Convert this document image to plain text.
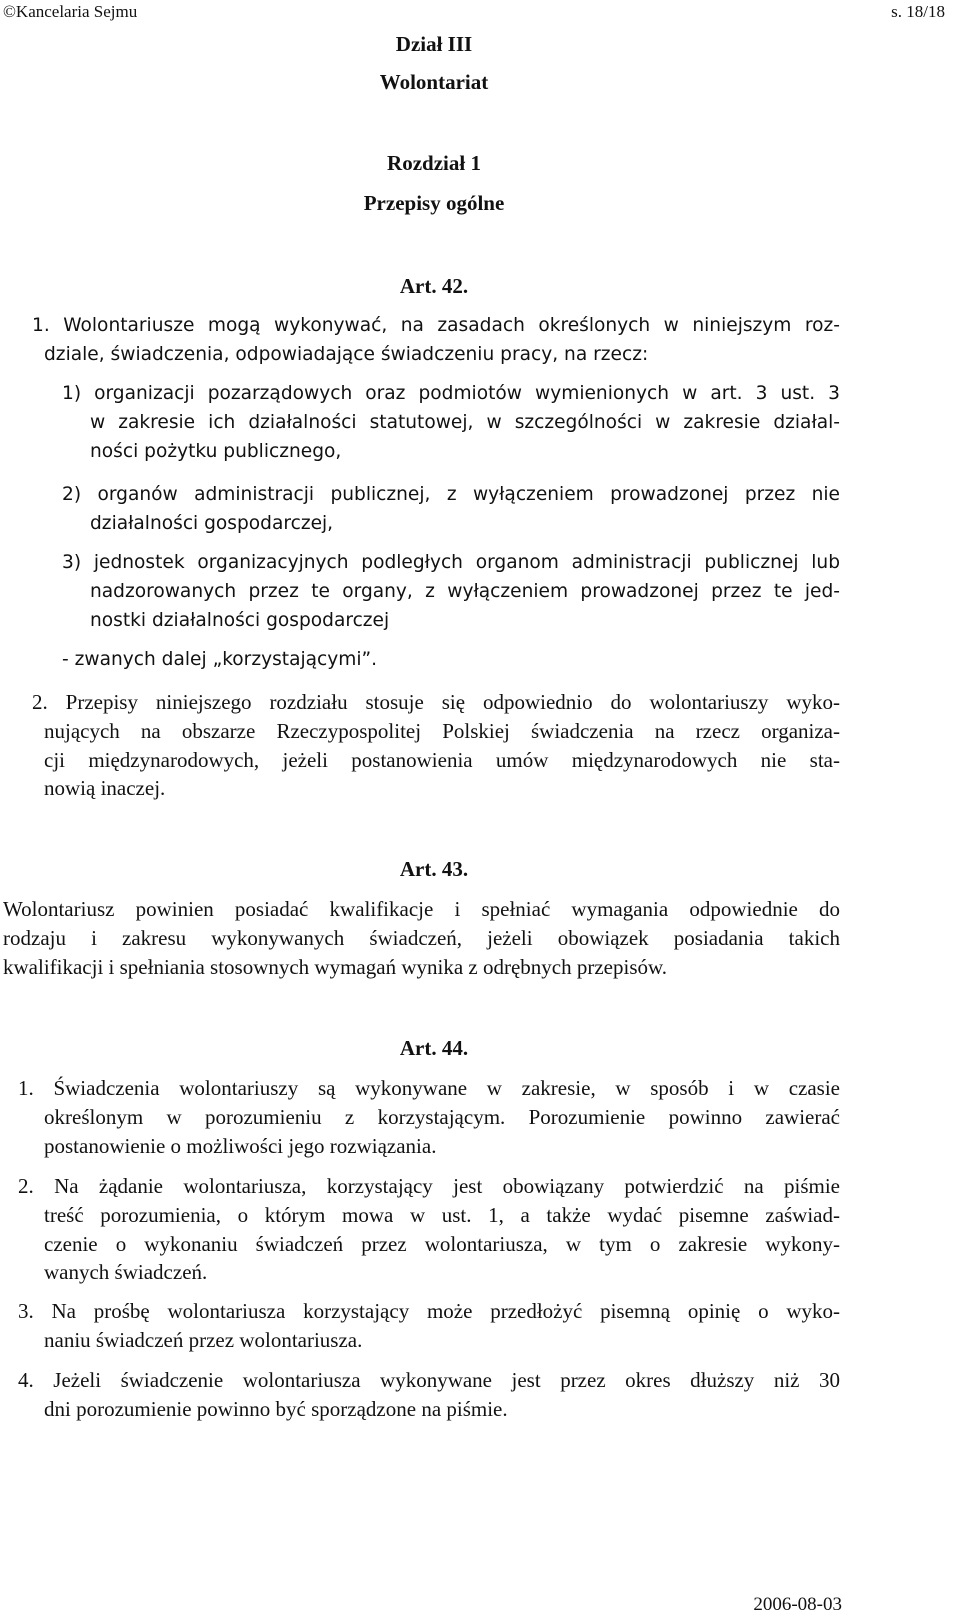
©Kancelaria Sejmu	s. 18/18
Dział III
Wolontariat
Rozdział 1
Przepisy ogólne
Art. 42.
1. Wolontariusze mogą wykonywać, na zasadach określonych w niniejszym roz-
dziale, świadczenia, odpowiadające świadczeniu pracy, na rzecz:
1) organizacji pozarządowych oraz podmiotów wymienionych w art. 3 ust. 3
w zakresie ich działalności statutowej, w szczególności w zakresie działal-
ności pożytku publicznego,
2) organów administracji publicznej, z wyłączeniem prowadzonej przez nie
działalności gospodarczej,
3) jednostek organizacyjnych podległych organom administracji publicznej lub
nadzorowanych przez te organy, z wyłączeniem prowadzonej przez te jed-
nostki działalności gospodarczej
- zwanych dalej „korzystającymi”.
2. Przepisy niniejszego rozdziału stosuje się odpowiednio do wolontariuszy wyko-
nujących na obszarze Rzeczypospolitej Polskiej świadczenia na rzecz organiza-
cji międzynarodowych, jeżeli postanowienia umów międzynarodowych nie sta-
nowią inaczej.
Art. 43.
Wolontariusz powinien posiadać kwalifikacje i spełniać wymagania odpowiednie do
rodzaju i zakresu wykonywanych świadczeń, jeżeli obowiązek posiadania takich
kwalifikacji i spełniania stosownych wymagań wynika z odrębnych przepisów.
Art. 44.
1. Świadczenia wolontariuszy są wykonywane w zakresie, w sposób i w czasie
określonym w porozumieniu z korzystającym. Porozumienie powinno zawierać
postanowienie o możliwości jego rozwiązania.
2. Na żądanie wolontariusza, korzystający jest obowiązany potwierdzić na piśmie
treść porozumienia, o którym mowa w ust. 1, a także wydać pisemne zaświad-
czenie o wykonaniu świadczeń przez wolontariusza, w tym o zakresie wykony-
wanych świadczeń.
3. Na prośbę wolontariusza korzystający może przedłożyć pisemną opinię o wyko-
naniu świadczeń przez wolontariusza.
4. Jeżeli świadczenie wolontariusza wykonywane jest przez okres dłuższy niż 30
dni porozumienie powinno być sporządzone na piśmie.
2006-08-03
